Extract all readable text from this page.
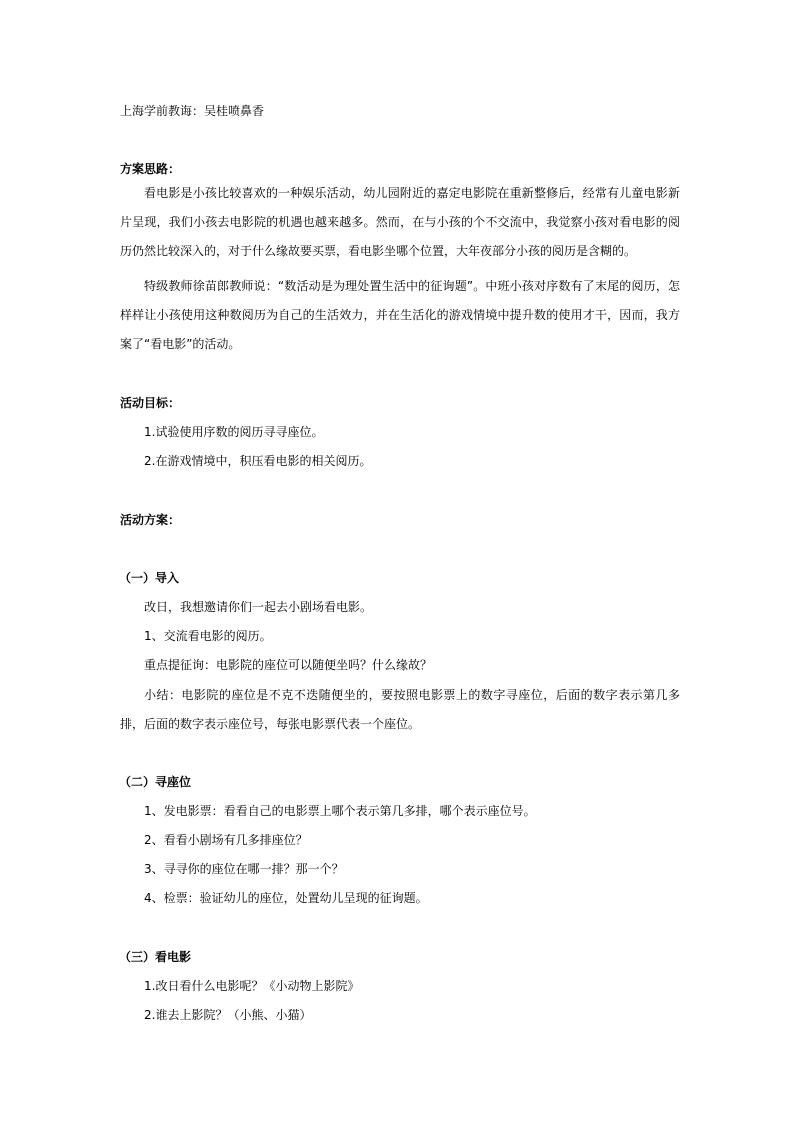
上海学前教诲：吴桂喷鼻香
方案思路：
看电影是小孩比较喜欢的一种娱乐活动，幼儿园附近的嘉定电影院在重新整修后，经常有儿童电影新片呈现，我们小孩去电影院的机遇也越来越多。然而，在与小孩的个不交流中，我觉察小孩对看电影的阅历仍然比较深入的，对于什么缘故要买票，看电影坐哪个位置，大年夜部分小孩的阅历是含糊的。
特级教师徐苗郎教师说：“数活动是为理处置生活中的征询题”。中班小孩对序数有了末尾的阅历，怎样样让小孩使用这种数阅历为自己的生活效力，并在生活化的游戏情境中提升数的使用才干，因而，我方案了“看电影”的活动。
活动目标：
1.试验使用序数的阅历寻寻座位。
2.在游戏情境中，积压看电影的相关阅历。
活动方案：
（一）导入
改日，我想邀请你们一起去小剧场看电影。
1、交流看电影的阅历。
重点提征询：电影院的座位可以随便坐吗？什么缘故？
小结：电影院的座位是不克不迭随便坐的，要按照电影票上的数字寻座位，后面的数字表示第几多排，后面的数字表示座位号，每张电影票代表一个座位。
（二）寻座位
1、发电影票：看看自己的电影票上哪个表示第几多排，哪个表示座位号。
2、看看小剧场有几多排座位？
3、寻寻你的座位在哪一排？那一个？
4、检票：验证幼儿的座位，处置幼儿呈现的征询题。
（三）看电影
1.改日看什么电影呢？《小动物上影院》
2.谁去上影院？（小熊、小猫）
